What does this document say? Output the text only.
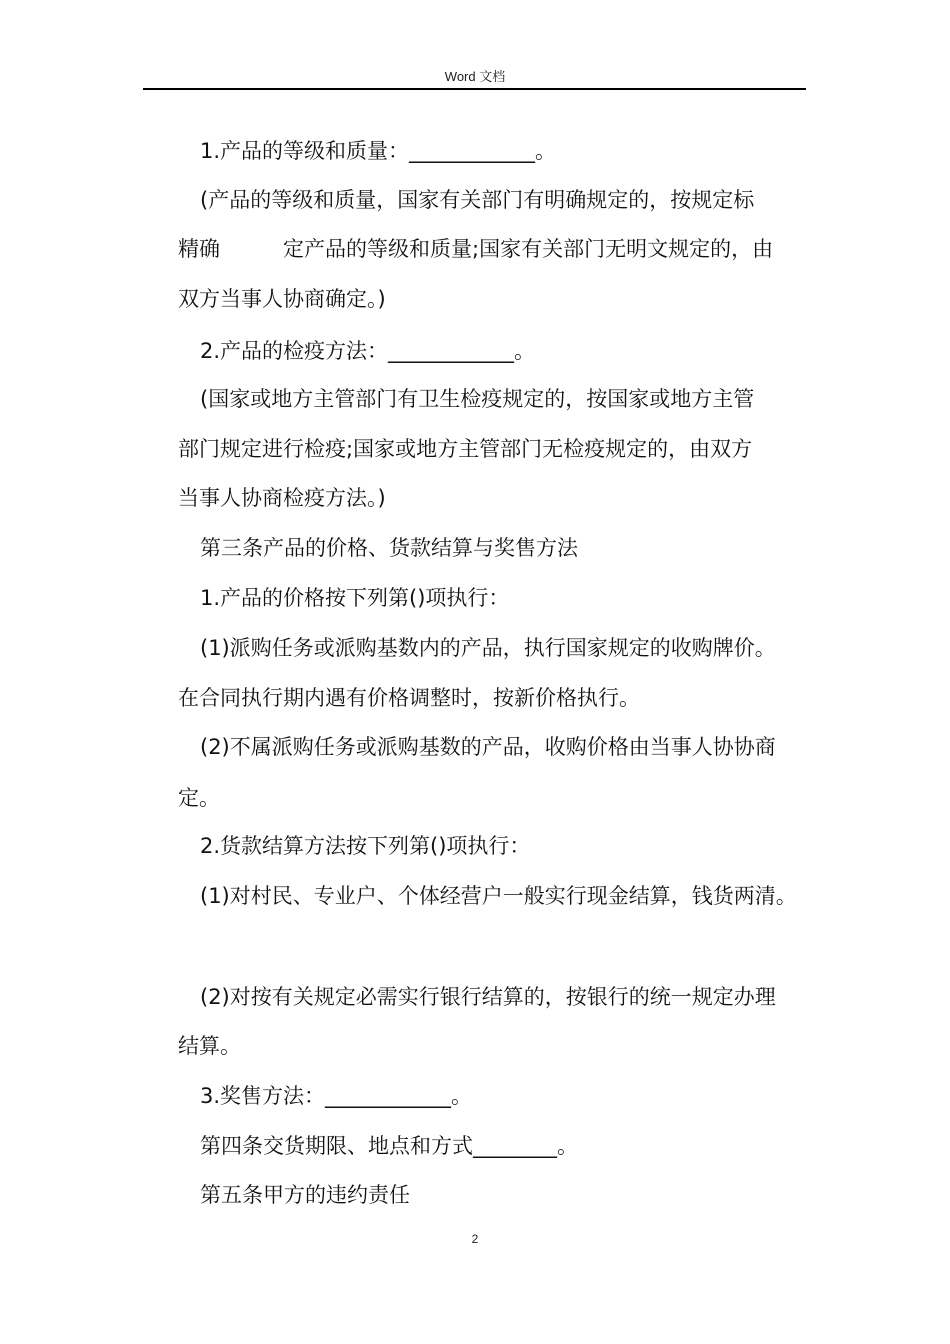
Word 文档
1.产品的等级和质量：____________。
(产品的等级和质量，国家有关部门有明确规定的，按规定标
精确　　　定产品的等级和质量;国家有关部门无明文规定的，由
双方当事人协商确定。)
2.产品的检疫方法：____________。
(国家或地方主管部门有卫生检疫规定的，按国家或地方主管
部门规定进行检疫;国家或地方主管部门无检疫规定的，由双方
当事人协商检疫方法。)
第三条产品的价格、货款结算与奖售方法
1.产品的价格按下列第()项执行：
(1)派购任务或派购基数内的产品，执行国家规定的收购牌价。
在合同执行期内遇有价格调整时，按新价格执行。
(2)不属派购任务或派购基数的产品，收购价格由当事人协协商
定。
2.货款结算方法按下列第()项执行：
(1)对村民、专业户、个体经营户一般实行现金结算，钱货两清。
(2)对按有关规定必需实行银行结算的，按银行的统一规定办理
结算。
3.奖售方法：____________。
第四条交货期限、地点和方式________。
第五条甲方的违约责任
2
